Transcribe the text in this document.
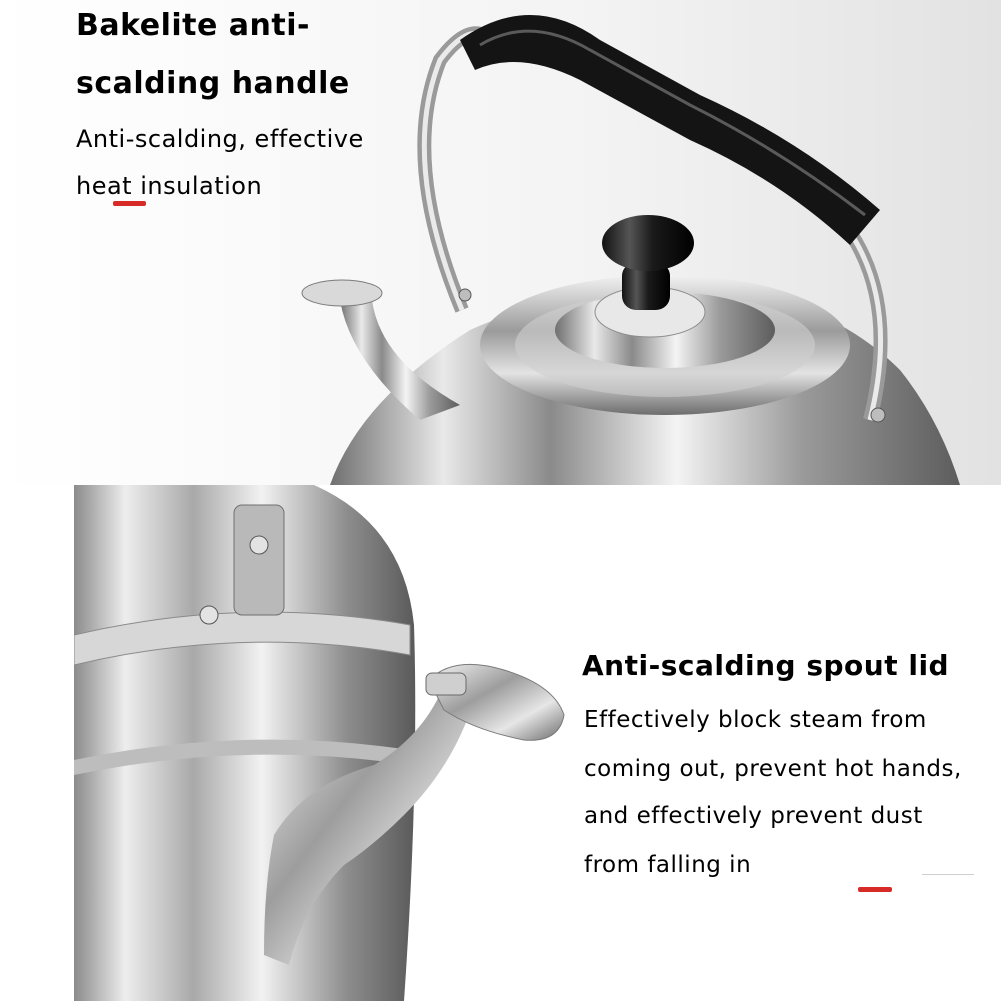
Bakelite anti-
scalding handle
Anti-scalding, effective
heat insulation
Anti-scalding spout lid
Effectively block steam from
coming out, prevent hot hands,
and effectively prevent dust
from falling in
